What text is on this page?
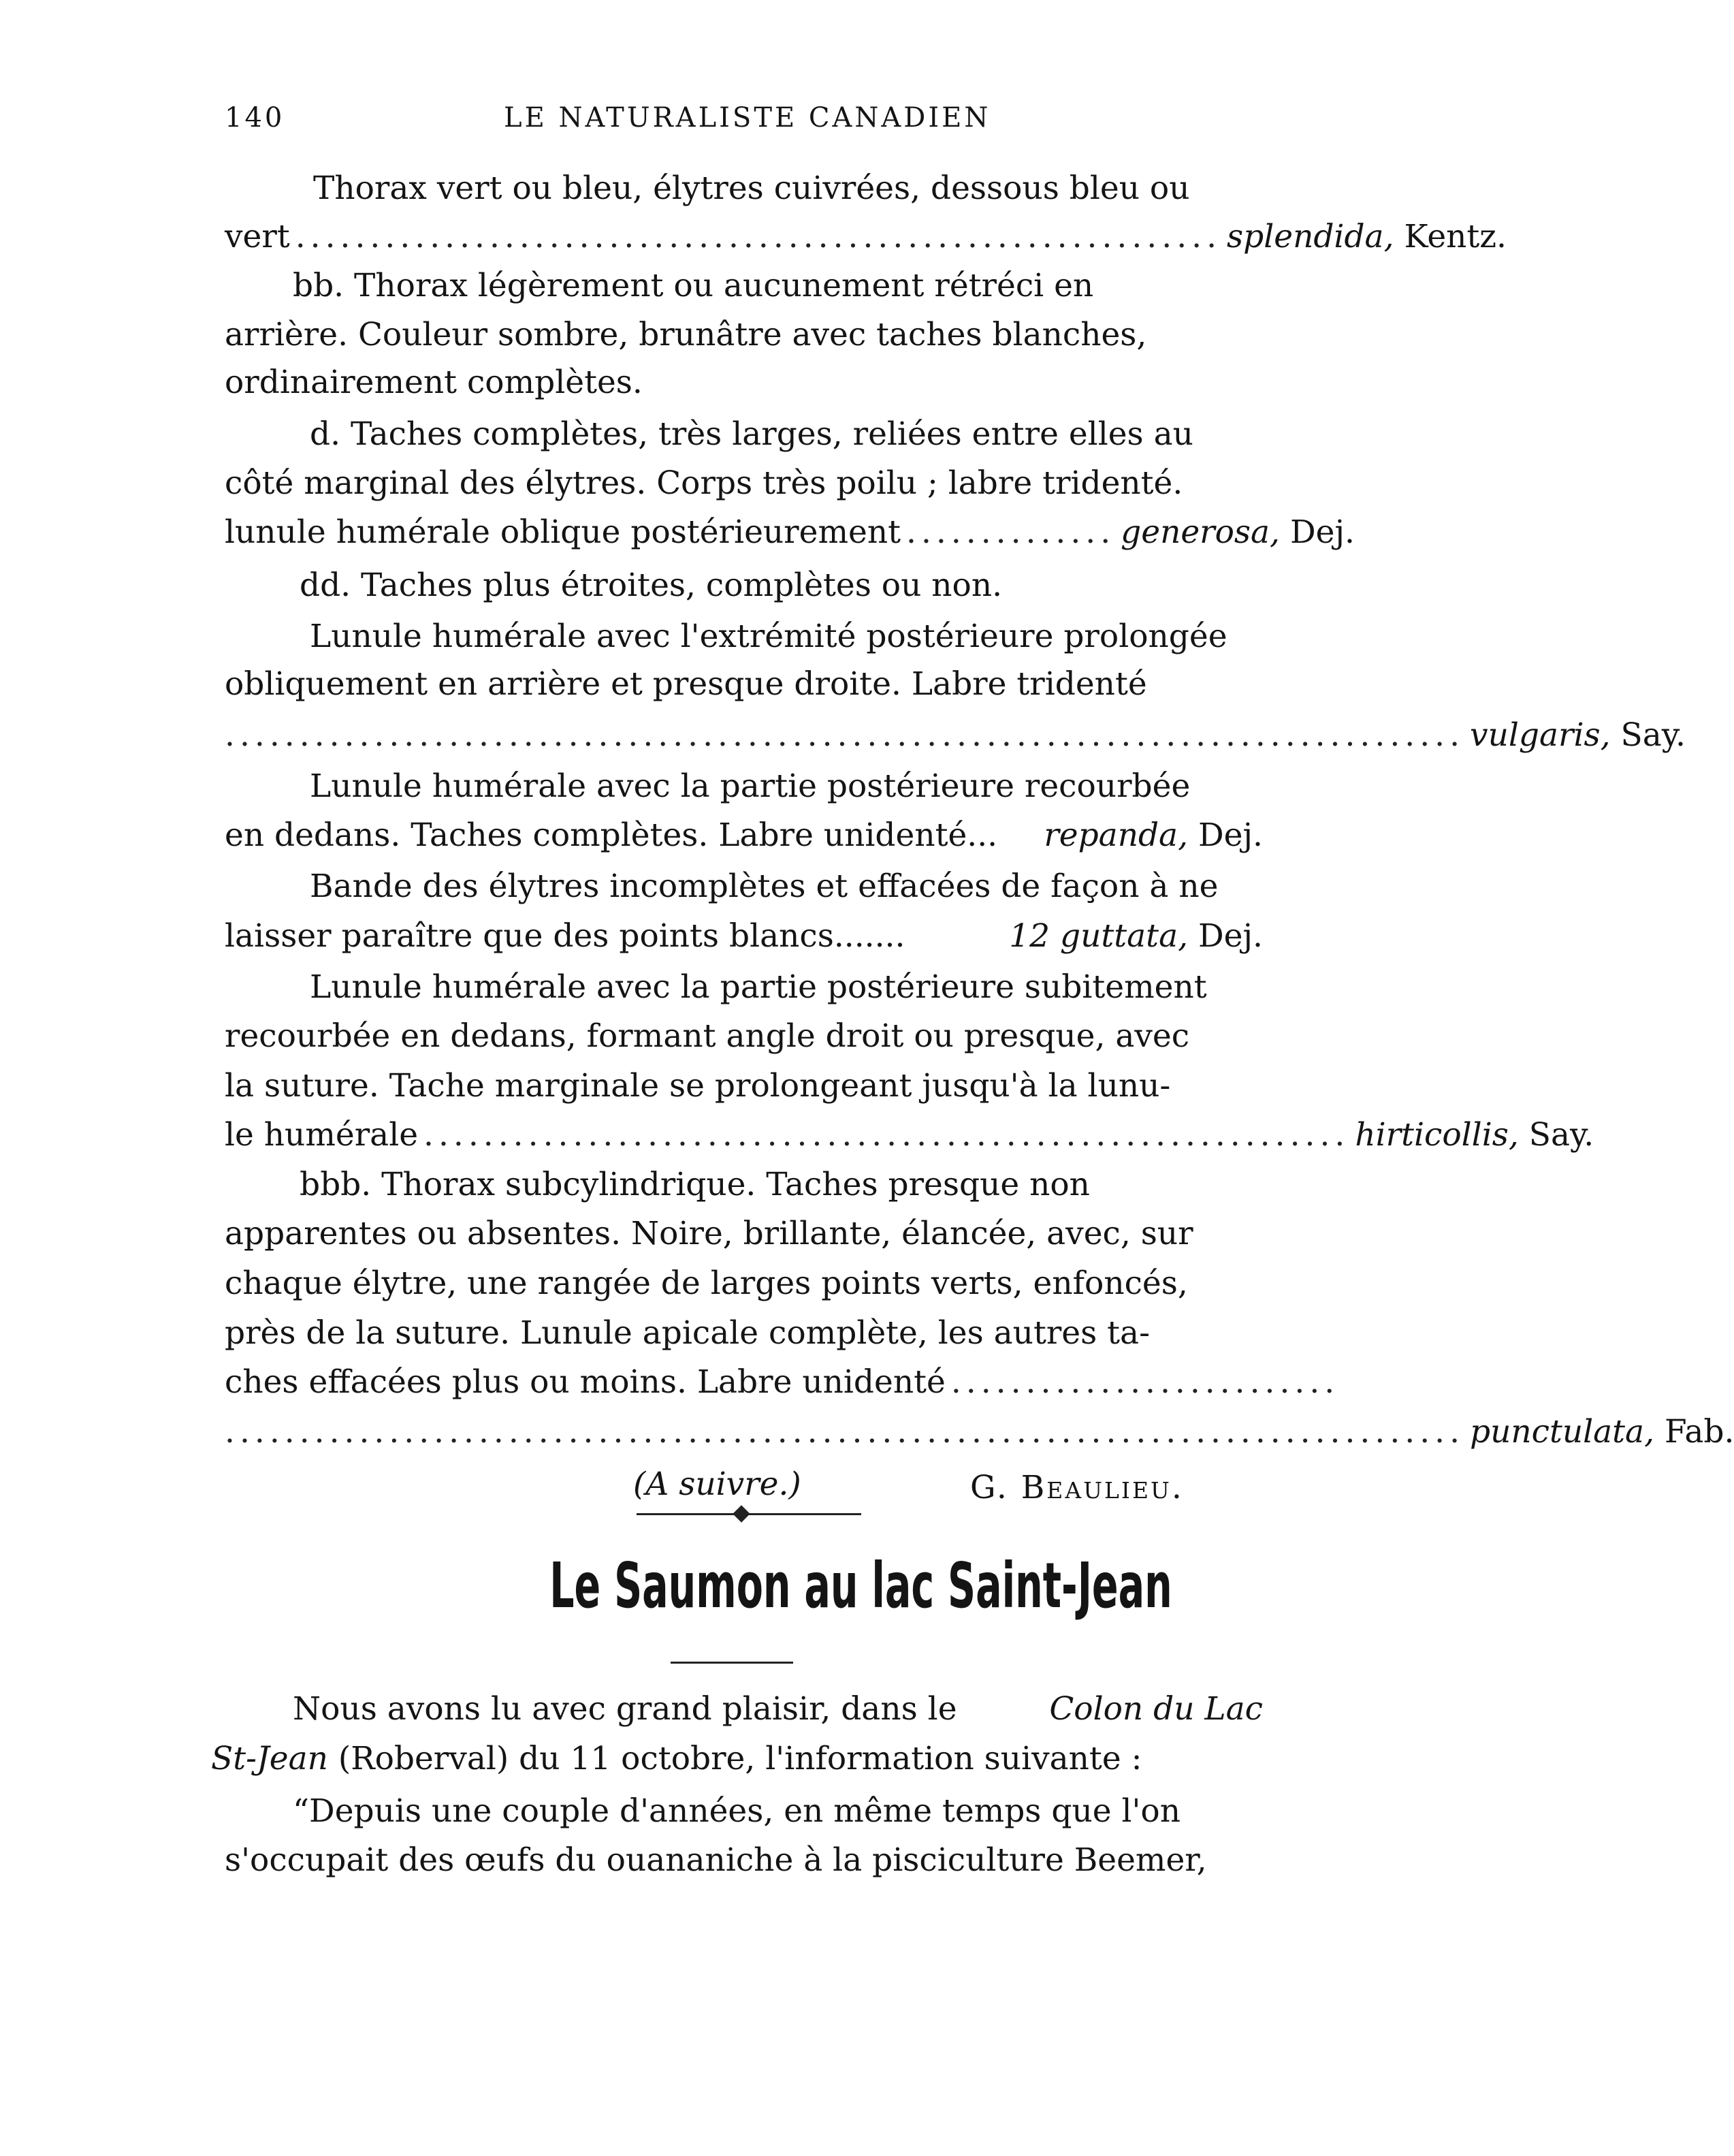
140	LE NATURALISTE CANADIEN
Thorax vert ou bleu, élytres cuivrées, dessous bleu ou
vert .............................................................. splendida, Kentz.
bb. Thorax légèrement ou aucunement rétréci en
arrière. Couleur sombre, brunâtre avec taches blanches,
ordinairement complètes.
d. Taches complètes, très larges, reliées entre elles au
côté marginal des élytres. Corps très poilu ; labre tridenté.
lunule humérale oblique postérieurement .............. generosa, Dej.
dd. Taches plus étroites, complètes ou non.
Lunule humérale avec l'extrémité postérieure prolongée
obliquement en arrière et presque droite. Labre tridenté
................................................................................... vulgaris, Say.
Lunule humérale avec la partie postérieure recourbée
en dedans. Taches complètes. Labre unidenté... repanda, Dej.
Bande des élytres incomplètes et effacées de façon à ne
laisser paraître que des points blancs.......	12 guttata, Dej.
Lunule humérale avec la partie postérieure subitement
recourbée en dedans, formant angle droit ou presque, avec
la suture. Tache marginale se prolongeant jusqu'à la lunu-
le humérale .............................................................. hirticollis, Say.
bbb. Thorax subcylindrique. Taches presque non
apparentes ou absentes. Noire, brillante, élancée, avec, sur
chaque élytre, une rangée de larges points verts, enfoncés,
près de la suture. Lunule apicale complète, les autres ta-
ches effacées plus ou moins. Labre unidenté ..........................
................................................................................... punctulata, Fab.
(A suivre.)	G. Beaulieu.
Le Saumon au lac Saint-Jean
Nous avons lu avec grand plaisir, dans le	Colon du Lac
St-Jean (Roberval) du 11 octobre, l'information suivante :
“Depuis une couple d'années, en même temps que l'on
s'occupait des œufs du ouananiche à la pisciculture Beemer,
